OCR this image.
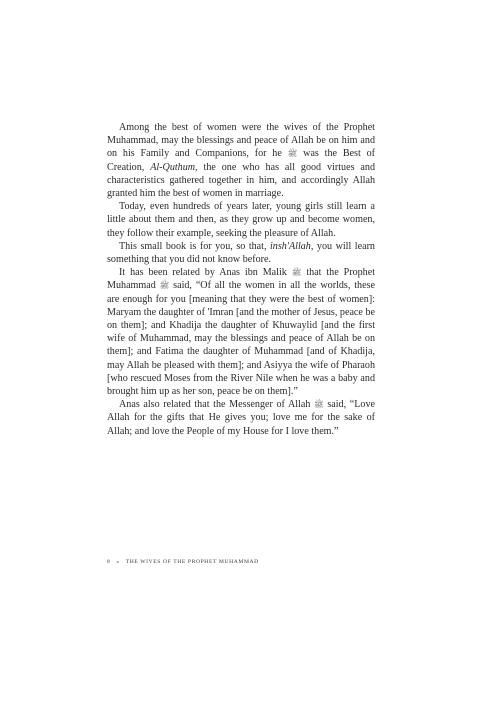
Among the best of women were the wives of the Prophet Muhammad, may the blessings and peace of Allah be on him and on his Family and Companions, for he ﷺ was the Best of Creation, Al-Quthum, the one who has all good virtues and characteristics gathered together in him, and accordingly Allah granted him the best of women in marriage.

Today, even hundreds of years later, young girls still learn a little about them and then, as they grow up and become women, they follow their example, seeking the pleasure of Allah.

This small book is for you, so that, insh'Allah, you will learn something that you did not know before.

It has been related by Anas ibn Malik ﷺ that the Prophet Muhammad ﷺ said, “Of all the women in all the worlds, these are enough for you [meaning that they were the best of women]: Maryam the daughter of 'Imran [and the mother of Jesus, peace be on them]; and Khadija the daughter of Khuwaylid [and the first wife of Muhammad, may the blessings and peace of Allah be on them]; and Fatima the daughter of Muhammad [and of Khadija, may Allah be pleased with them]; and Asiyya the wife of Pharaoh [who rescued Moses from the River Nile when he was a baby and brought him up as her son, peace be on them].”

Anas also related that the Messenger of Allah ﷺ said, “Love Allah for the gifts that He gives you; love me for the sake of Allah; and love the People of my House for I love them.”

8 » THE WIVES OF THE PROPHET MUHAMMAD
